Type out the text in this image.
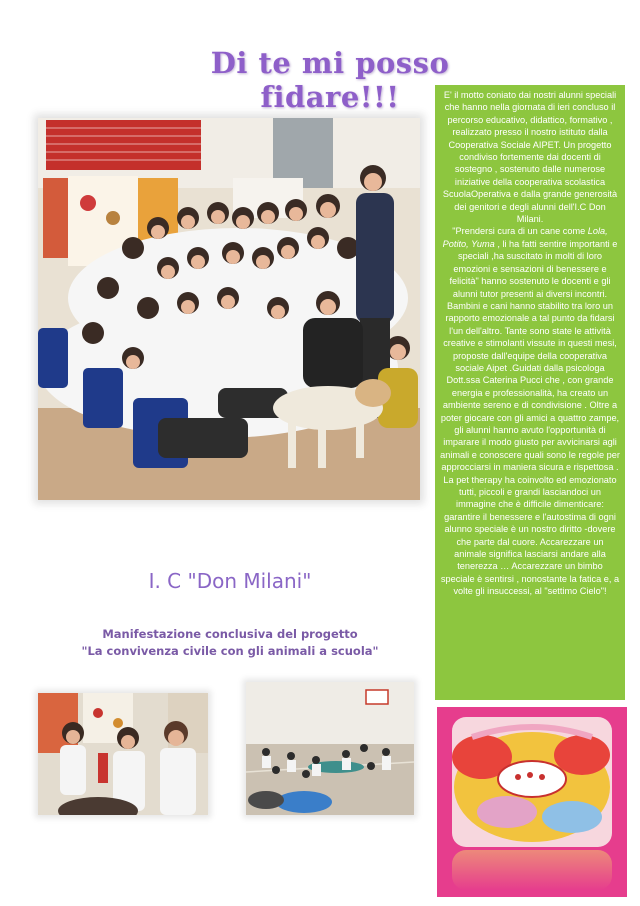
Di te mi posso fidare!!!	E' il motto coniato dai nostri alunni speciali che hanno nella giornata di ieri concluso il percorso educativo, didattico, formativo , realizzato presso il nostro istituto dalla Cooperativa Sociale AIPET. Un progetto condiviso fortemente dai docenti di sostegno , sostenuto dalle numerose iniziative della cooperativa scolastica ScuolaOperativa e dalla grande generosità dei genitori e degli alunni dell'I.C Don Milani.
"Prendersi cura di un cane come Lola, Potito, Yuma , li ha fatti sentire importanti e speciali ,ha suscitato in molti di loro emozioni e sensazioni di benessere e felicità" hanno sostenuto le docenti e gli alunni tutor presenti ai diversi incontri.
Bambini e cani hanno stabilito tra loro un rapporto emozionale a tal punto da fidarsi l'un dell'altro. Tante sono state le attività creative e stimolanti vissute in questi mesi, proposte dall'equipe della cooperativa sociale Aipet .Guidati dalla psicologa Dott.ssa Caterina Pucci che , con grande energia e professionalità, ha creato un ambiente sereno e di condivisione . Oltre a poter giocare con gli amici a quattro zampe, gli alunni hanno avuto l'opportunità di imparare il modo giusto per avvicinarsi agli animali e conoscere quali sono le regole per approcciarsi in maniera sicura e rispettosa . La pet therapy ha coinvolto ed emozionato tutti, piccoli e grandi lasciandoci un immagine che è difficile dimenticare: garantire il benessere e l'autostima di ogni alunno speciale è un nostro diritto -dovere che parte dal cuore. Accarezzare un animale significa lasciarsi andare alla tenerezza … Accarezzare un bimbo speciale è sentirsi , nonostante la fatica e, a volte gli insuccessi, al "settimo Cielo"!
I. C "Don Milani"
Manifestazione conclusiva del progetto
"La convivenza civile con gli animali a scuola"
